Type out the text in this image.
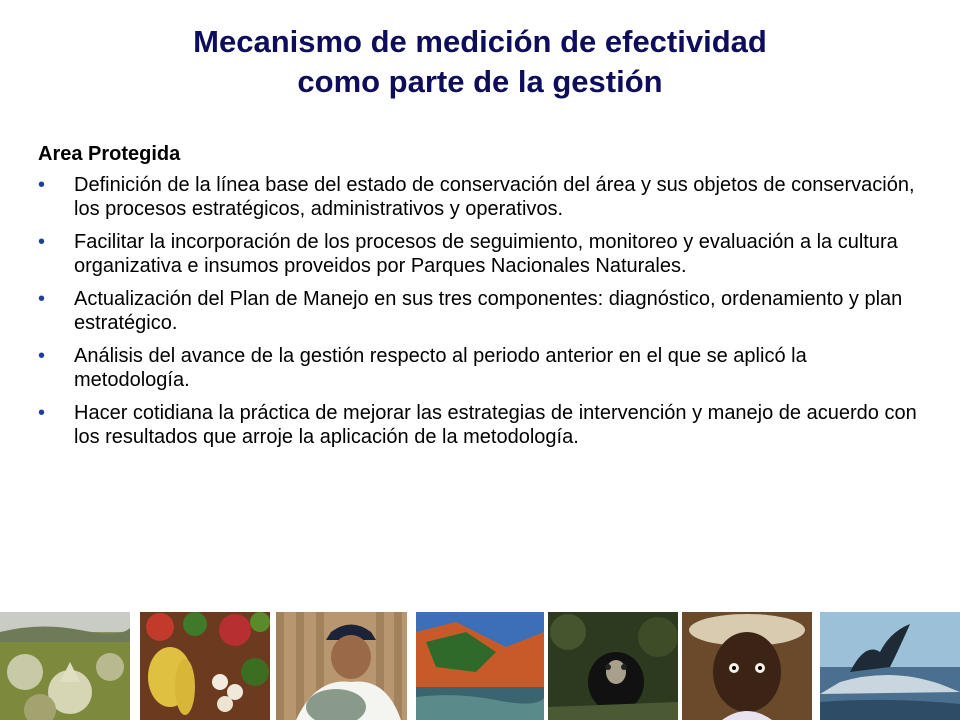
Mecanismo de medición de efectividad
como parte de la gestión
Area Protegida
• Definición de la línea base del estado de conservación del área y sus objetos de conservación, los procesos estratégicos, administrativos y operativos.
• Facilitar la incorporación de los procesos de seguimiento, monitoreo y evaluación a la cultura organizativa e insumos proveidos por Parques Nacionales Naturales.
• Actualización del Plan de Manejo en sus tres componentes: diagnóstico, ordenamiento y plan estratégico.
• Análisis del avance de la gestión respecto al periodo anterior en el que se aplicó la metodología.
• Hacer cotidiana la práctica de mejorar las estrategias de intervención y manejo de acuerdo con los resultados que arroje la aplicación de la metodología.
